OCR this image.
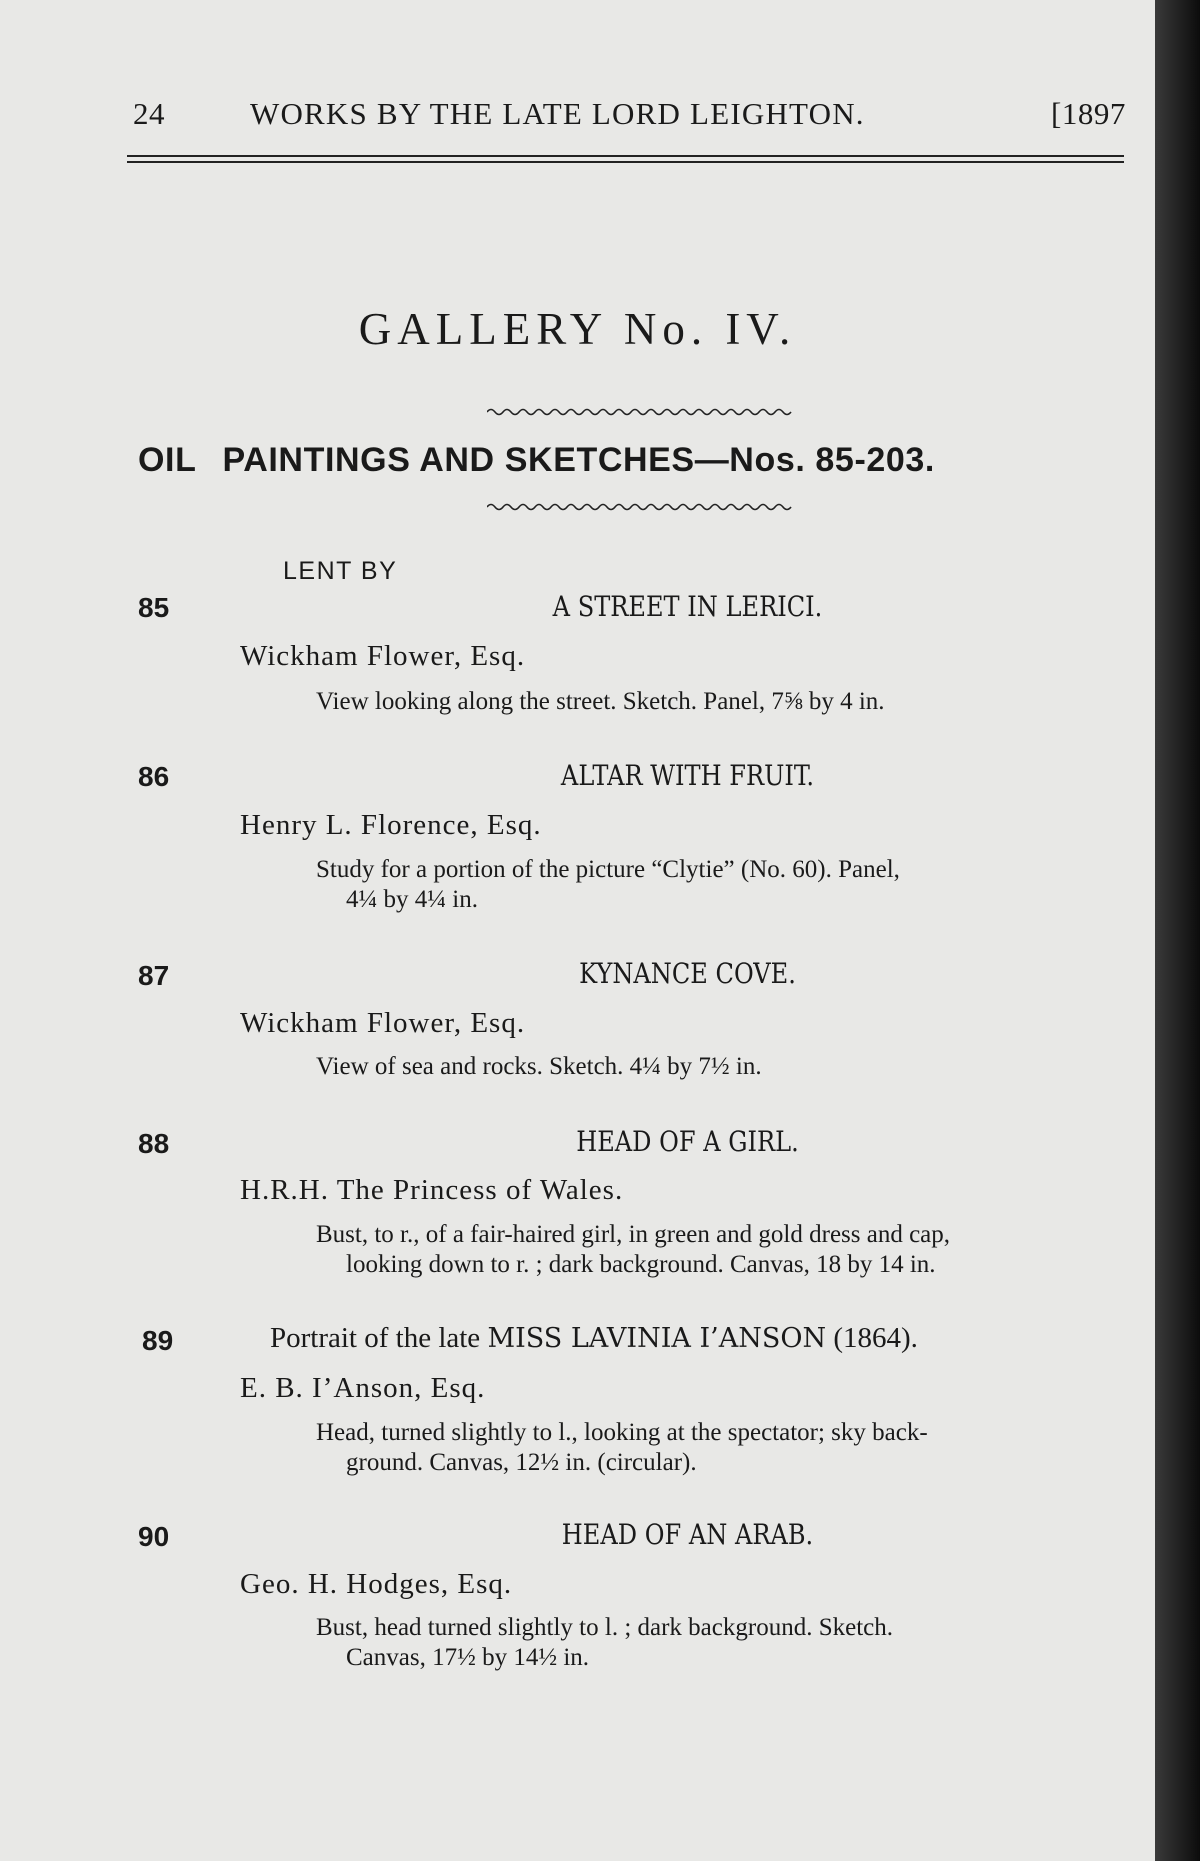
24	WORKS BY THE LATE LORD LEIGHTON.	[1897
GALLERY No. IV.
OIL PAINTINGS AND SKETCHES—Nos. 85-203.
LENT BY
85	A STREET IN LERICI.
Wickham Flower, Esq.
View looking along the street. Sketch. Panel, 7⅝ by 4 in.
86	ALTAR WITH FRUIT.
Henry L. Florence, Esq.
Study for a portion of the picture “Clytie” (No. 60). Panel,
4¼ by 4¼ in.
87	KYNANCE COVE.
Wickham Flower, Esq.
View of sea and rocks. Sketch. 4¼ by 7½ in.
88	HEAD OF A GIRL.
H.R.H. The Princess of Wales.
Bust, to r., of a fair-haired girl, in green and gold dress and cap,
looking down to r. ; dark background. Canvas, 18 by 14 in.
89	Portrait of the late MISS LAVINIA I’ANSON (1864).
E. B. I’Anson, Esq.
Head, turned slightly to l., looking at the spectator; sky back-
ground. Canvas, 12½ in. (circular).
90	HEAD OF AN ARAB.
Geo. H. Hodges, Esq.
Bust, head turned slightly to l. ; dark background. Sketch.
Canvas, 17½ by 14½ in.
